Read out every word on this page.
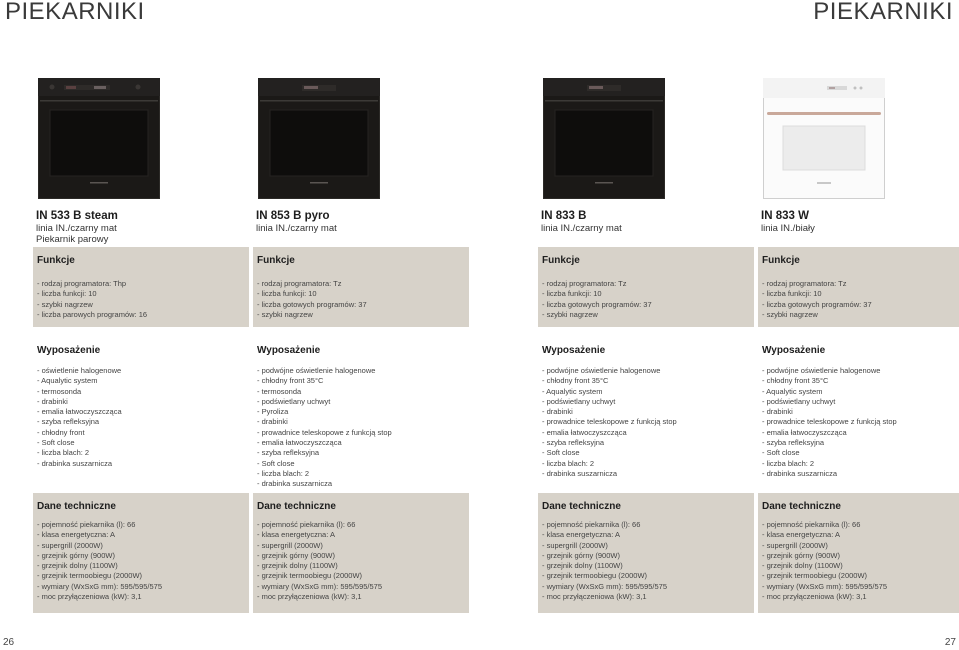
PIEKARNIKI	PIEKARNIKI
IN 533 B steam
linia IN./czarny mat
Piekarnik parowy
Funkcje
- rodzaj programatora: Thp
- liczba funkcji: 10
- szybki nagrzew
- liczba parowych programów: 16
Wyposażenie
- oświetlenie halogenowe
- Aqualytic system
- termosonda
- drabinki
- emalia łatwoczyszcząca
- szyba refleksyjna
- chłodny front
- Soft close
- liczba blach: 2
- drabinka suszarnicza
Dane techniczne
- pojemność piekarnika (l): 66
- klasa energetyczna: A
- supergrill (2000W)
- grzejnik górny (900W)
- grzejnik dolny (1100W)
- grzejnik termoobiegu (2000W)
- wymiary (WxSxG mm): 595/595/575
- moc przyłączeniowa (kW): 3,1
IN 853 B pyro
linia IN./czarny mat
Funkcje
- rodzaj programatora: Tz
- liczba funkcji: 10
- liczba gotowych programów: 37
- szybki nagrzew
Wyposażenie
- podwójne oświetlenie halogenowe
- chłodny front 35°C
- termosonda
- podświetlany uchwyt
- Pyroliza
- drabinki
- prowadnice teleskopowe z funkcją stop
- emalia łatwoczyszcząca
- szyba refleksyjna
- Soft close
- liczba blach: 2
- drabinka suszarnicza
Dane techniczne
- pojemność piekarnika (l): 66
- klasa energetyczna: A
- supergrill (2000W)
- grzejnik górny (900W)
- grzejnik dolny (1100W)
- grzejnik termoobiegu (2000W)
- wymiary (WxSxG mm): 595/595/575
- moc przyłączeniowa (kW): 3,1
IN 833 B
linia IN./czarny mat
Funkcje
- rodzaj programatora: Tz
- liczba funkcji: 10
- liczba gotowych programów: 37
- szybki nagrzew
Wyposażenie
- podwójne oświetlenie halogenowe
- chłodny front 35°C
- Aqualytic system
- podświetlany uchwyt
- drabinki
- prowadnice teleskopowe z funkcją stop
- emalia łatwoczyszcząca
- szyba refleksyjna
- Soft close
- liczba blach: 2
- drabinka suszarnicza
Dane techniczne
- pojemność piekarnika (l): 66
- klasa energetyczna: A
- supergrill (2000W)
- grzejnik górny (900W)
- grzejnik dolny (1100W)
- grzejnik termoobiegu (2000W)
- wymiary (WxSxG mm): 595/595/575
- moc przyłączeniowa (kW): 3,1
IN 833 W
linia IN./biały
Funkcje
- rodzaj programatora: Tz
- liczba funkcji: 10
- liczba gotowych programów: 37
- szybki nagrzew
Wyposażenie
- podwójne oświetlenie halogenowe
- chłodny front 35°C
- Aqualytic system
- podświetlany uchwyt
- drabinki
- prowadnice teleskopowe z funkcją stop
- emalia łatwoczyszcząca
- szyba refleksyjna
- Soft close
- liczba blach: 2
- drabinka suszarnicza
Dane techniczne
- pojemność piekarnika (l): 66
- klasa energetyczna: A
- supergrill (2000W)
- grzejnik górny (900W)
- grzejnik dolny (1100W)
- grzejnik termoobiegu (2000W)
- wymiary (WxSxG mm): 595/595/575
- moc przyłączeniowa (kW): 3,1
26	27
